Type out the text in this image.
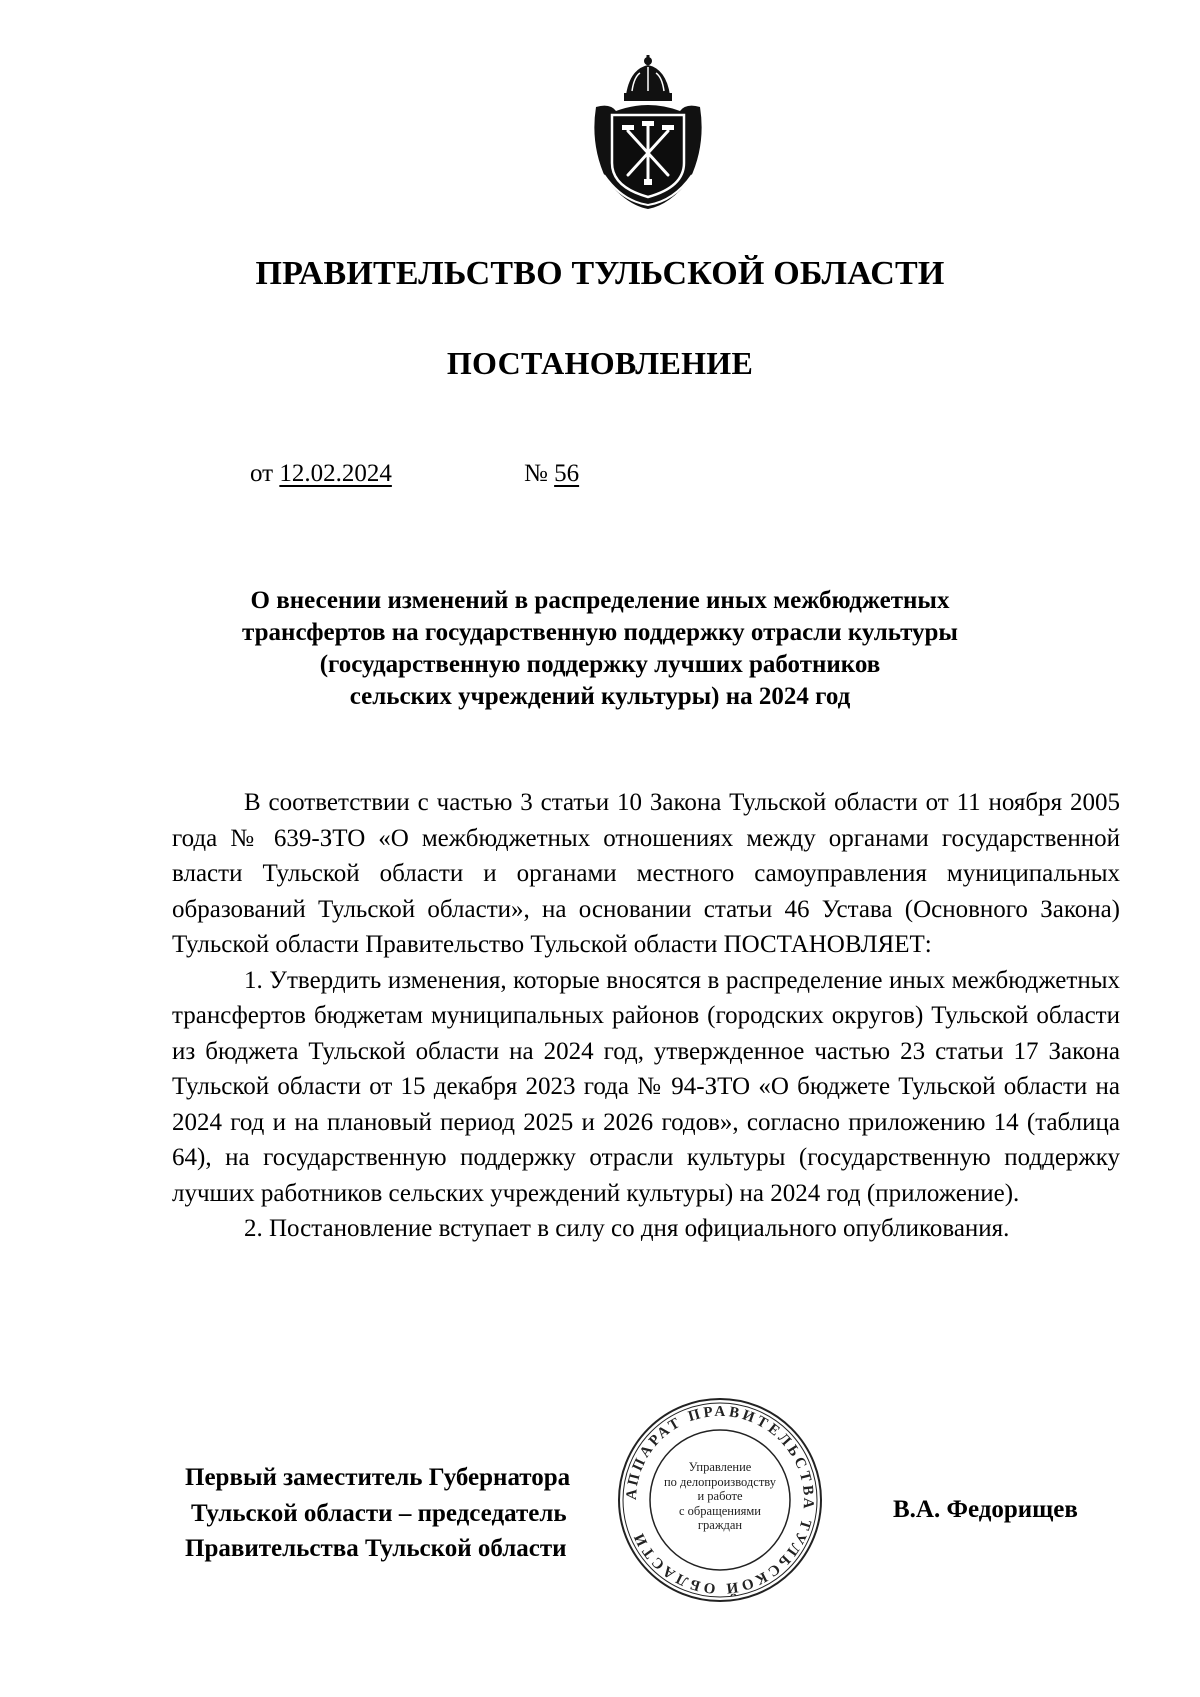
ПРАВИТЕЛЬСТВО ТУЛЬСКОЙ ОБЛАСТИ
ПОСТАНОВЛЕНИЕ
от 12.02.2024	№ 56
О внесении изменений в распределение иных межбюджетных
трансфертов на государственную поддержку отрасли культуры
(государственную поддержку лучших работников
сельских учреждений культуры) на 2024 год

В соответствии с частью 3 статьи 10 Закона Тульской области от 11 ноября 2005 года № 639-ЗТО «О межбюджетных отношениях между органами государственной власти Тульской области и органами местного самоуправления муниципальных образований Тульской области», на основании статьи 46 Устава (Основного Закона) Тульской области Правительство Тульской области ПОСТАНОВЛЯЕТ:

1. Утвердить изменения, которые вносятся в распределение иных межбюджетных трансфертов бюджетам муниципальных районов (городских округов) Тульской области из бюджета Тульской области на 2024 год, утвержденное частью 23 статьи 17 Закона Тульской области от 15 декабря 2023 года № 94-ЗТО «О бюджете Тульской области на 2024 год и на плановый период 2025 и 2026 годов», согласно приложению 14 (таблица 64), на государственную поддержку отрасли культуры (государственную поддержку лучших работников сельских учреждений культуры) на 2024 год (приложение).

2. Постановление вступает в силу со дня официального опубликования.

Первый заместитель Губернатора
Тульской области – председатель
Правительства Тульской области
В.А. Федорищев
АППАРАТ ПРАВИТЕЛЬСТВА ТУЛЬСКОЙ ОБЛАСТИ
Управление
по делопроизводству
и работе
с обращениями
граждан
